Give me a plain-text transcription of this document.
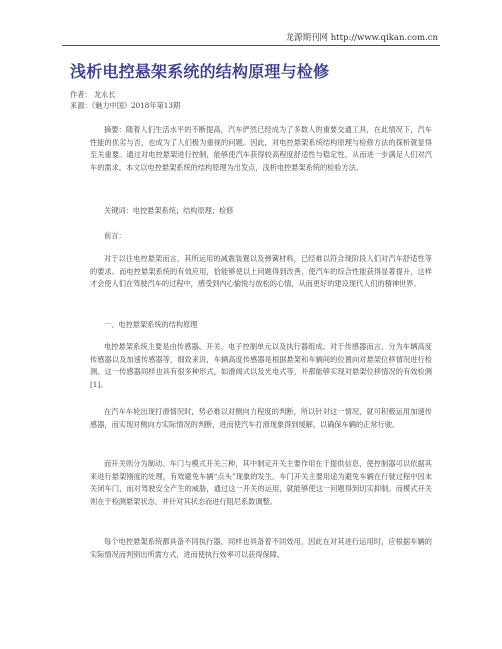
龙源期刊网 http://www.qikan.com.cn
浅析电控悬架系统的结构原理与检修
作者： 龙永长
来源：《魅力中国》2018年第13期

摘要：随着人们生活水平的不断提高，汽车俨然已经成为了多数人的重要交通工具，在此情况下，汽车性能的优劣与否，也成为了人们极为重视的问题。因此，对电控悬架系统结构原理与检修方法的探析就显得至关重要。通过对电控悬架进行控制，能够使汽车获得较高程度舒适性与稳定性，从而进一步满足人们对汽车的需求。本文以电控悬架系统的结构原理为出发点，浅析电控悬架系统的检验方法。

关键词：电控悬架系统；结构原理；检修
前言：

对于以往电控悬架而言，其所运用的减震装置以及弹簧材料，已经难以符合现阶段人们对汽车舒适性等的要求。而电控悬架系统的有效应用，恰能够使以上问题得到改善，使汽车的综合性能获得显著提升，这样才会使人们在驾驶汽车的过程中，感受到内心愉悦与放松的心情，从而更好的建设现代人们的精神世界。

一、电控悬架系统的结构原理

电控悬架系统主要是由传感器、开关、电子控制单元以及执行器组成。对于传感器而言，分为车辆高度传感器以及加速传感器等，细致来说，车辆高度传感器是根据悬架和车辆间的位置向对悬架位移情况进行检测。这一传感器同样也具有很多种形式，如滑阀式以及光电式等，并都能够实现对悬架位移情况的有效检测[1]。

在汽车车轮出现打滑情况时，势必难以对侧向力程度的判断，所以针对这一情况，就可积极运用加速传感器，而实现对侧向方实际情况的判断，进而使汽车打滑现象得到缓解，以确保车辆的正常行驶。

而开关则分为制动、车门与模式开关三种，其中制定开关主要作用在于提供信息，使控制器可以依据其来进行悬架刚度的处理，有效避免车辆“点头”现象的发生。车门开关主要用途为避免车辆在行驶过程中因未关闭车门，而对驾驶安全产生的威胁，通过这一开关的运用，就能够使这一问题得到切实抑制。而模式开关则在于检测悬架状态，并针对其状态而进行阻尼系数调整。

每个电控悬架系统都具备不同执行器，同样也具备着不同效用，因此在对其进行运用时，应根据车辆的实际情况而判别出所需方式，进而使执行效率可以获得保障。
